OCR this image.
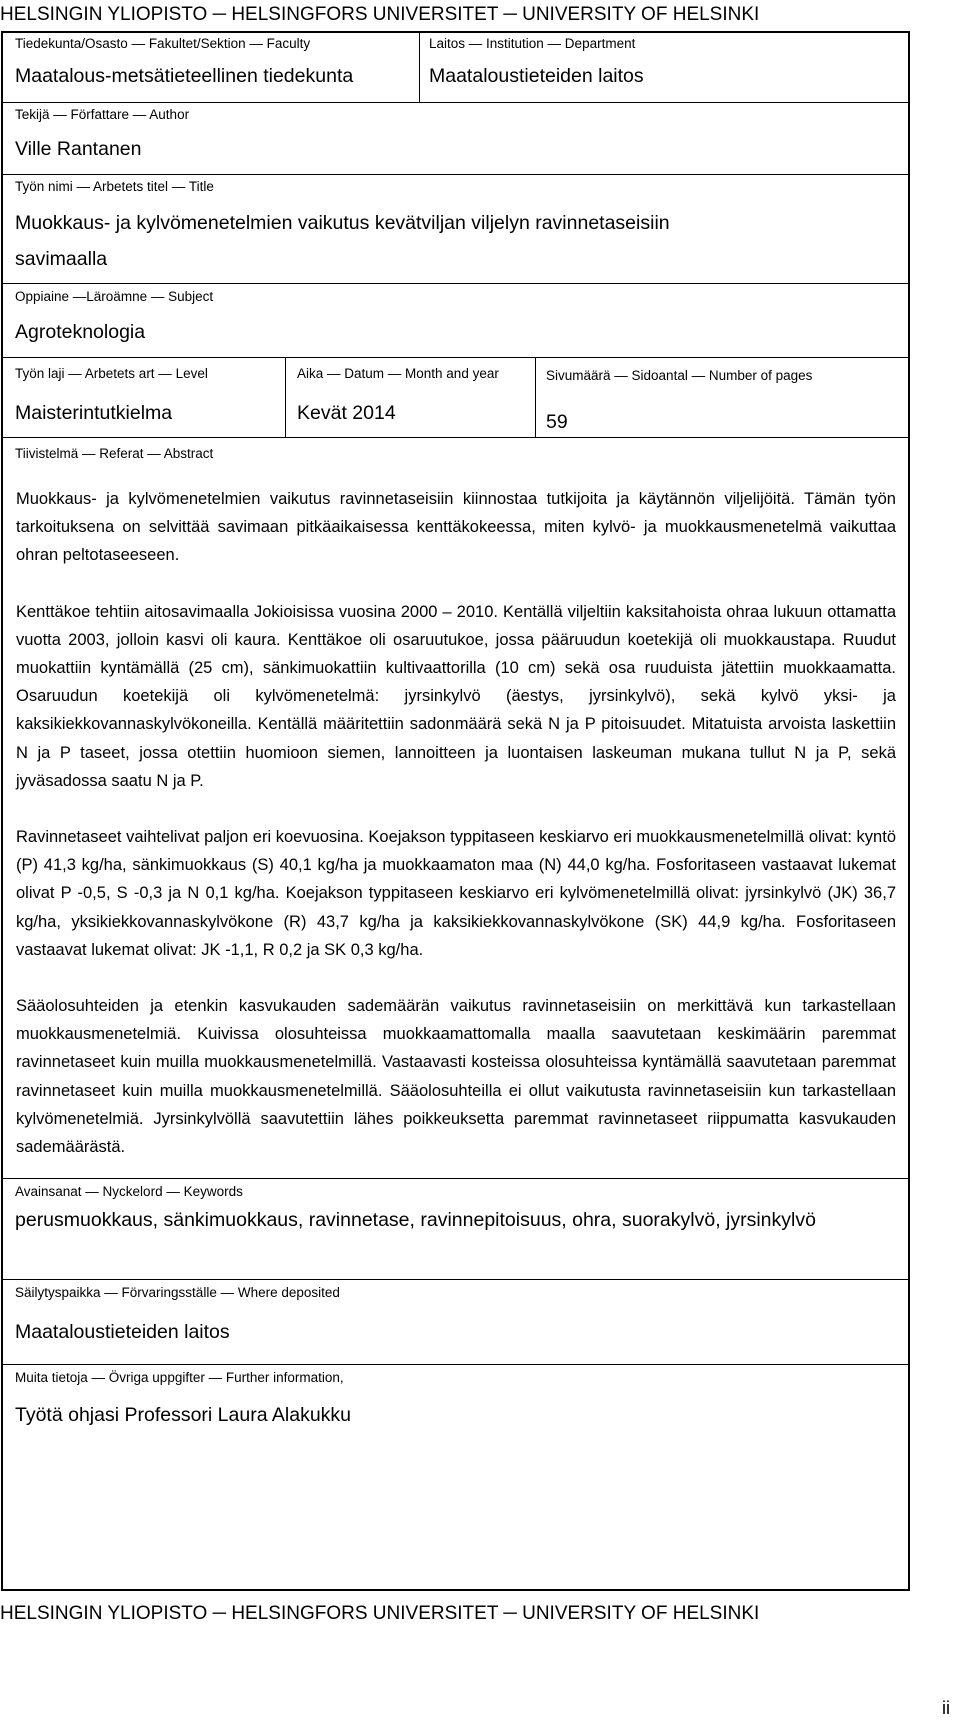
HELSINGIN YLIOPISTO ─ HELSINGFORS UNIVERSITET ─ UNIVERSITY OF HELSINKI
Tiedekunta/Osasto — Fakultet/Sektion — Faculty
Maatalous-metsätieteellinen tiedekunta
Laitos — Institution — Department
Maataloustieteiden laitos
Tekijä — Författare — Author
Ville Rantanen
Työn nimi — Arbetets titel — Title
Muokkaus- ja kylvömenetelmien vaikutus kevätviljan viljelyn ravinnetaseisiin savimaalla
Oppiaine —Läroämne — Subject
Agroteknologia
Työn laji — Arbetets art — Level
Maisterintutkielma
Aika — Datum — Month and year
Kevät 2014
Sivumäärä — Sidoantal — Number of pages
59
Tiivistelmä — Referat — Abstract

Muokkaus- ja kylvömenetelmien vaikutus ravinnetaseisiin kiinnostaa tutkijoita ja käytännön viljelijöitä. Tämän työn tarkoituksena on selvittää savimaan pitkäaikaisessa kenttäkokeessa, miten kylvö- ja muokkausmenetelmä vaikuttaa ohran peltotaseeseen.

Kenttäkoe tehtiin aitosavimaalla Jokioisissa vuosina 2000 – 2010. Kentällä viljeltiin kaksitahoista ohraa lukuun ottamatta vuotta 2003, jolloin kasvi oli kaura. Kenttäkoe oli osaruutukoe, jossa pääruudun koetekijä oli muokkaustapa. Ruudut muokattiin kyntämällä (25 cm), sänkimuokattiin kultivaattorilla (10 cm) sekä osa ruuduista jätettiin muokkaamatta. Osaruudun koetekijä oli kylvömenetelmä: jyrsinkylvö (äestys, jyrsinkylvö), sekä kylvö yksi- ja kaksikiekkovannaskylvökoneilla. Kentällä määritettiin sadonmäärä sekä N ja P pitoisuudet. Mitatuista arvoista laskettiin N ja P taseet, jossa otettiin huomioon siemen, lannoitteen ja luontaisen laskeuman mukana tullut N ja P, sekä jyväsadossa saatu N ja P.

Ravinnetaseet vaihtelivat paljon eri koevuosina. Koejakson typpitaseen keskiarvo eri muokkausmenetelmillä olivat: kyntö (P) 41,3 kg/ha, sänkimuokkaus (S) 40,1 kg/ha ja muokkaamaton maa (N) 44,0 kg/ha. Fosforitaseen vastaavat lukemat olivat P -0,5, S -0,3 ja N 0,1 kg/ha. Koejakson typpitaseen keskiarvo eri kylvömenetelmillä olivat: jyrsinkylvö (JK) 36,7 kg/ha, yksikiekkovannaskylvökone (R) 43,7 kg/ha ja kaksikiekkovannaskylvökone (SK) 44,9 kg/ha. Fosforitaseen vastaavat lukemat olivat: JK -1,1, R 0,2 ja SK 0,3 kg/ha.

Sääolosuhteiden ja etenkin kasvukauden sademäärän vaikutus ravinnetaseisiin on merkittävä kun tarkastellaan muokkausmenetelmiä. Kuivissa olosuhteissa muokkaamattomalla maalla saavutetaan keskimäärin paremmat ravinnetaseet kuin muilla muokkausmenetelmillä. Vastaavasti kosteissa olosuhteissa kyntämällä saavutetaan paremmat ravinnetaseet kuin muilla muokkausmenetelmillä. Sääolosuhteilla ei ollut vaikutusta ravinnetaseisiin kun tarkastellaan kylvömenetelmiä. Jyrsinkylvöllä saavutettiin lähes poikkeuksetta paremmat ravinnetaseet riippumatta kasvukauden sademäärästä.

Avainsanat — Nyckelord — Keywords
perusmuokkaus, sänkimuokkaus, ravinnetase, ravinnepitoisuus, ohra, suorakylvö, jyrsinkylvö
Säilytyspaikka — Förvaringsställe — Where deposited
Maataloustieteiden laitos
Muita tietoja — Övriga uppgifter — Further information,
Työtä ohjasi Professori Laura Alakukku
HELSINGIN YLIOPISTO ─ HELSINGFORS UNIVERSITET ─ UNIVERSITY OF HELSINKI
ii
